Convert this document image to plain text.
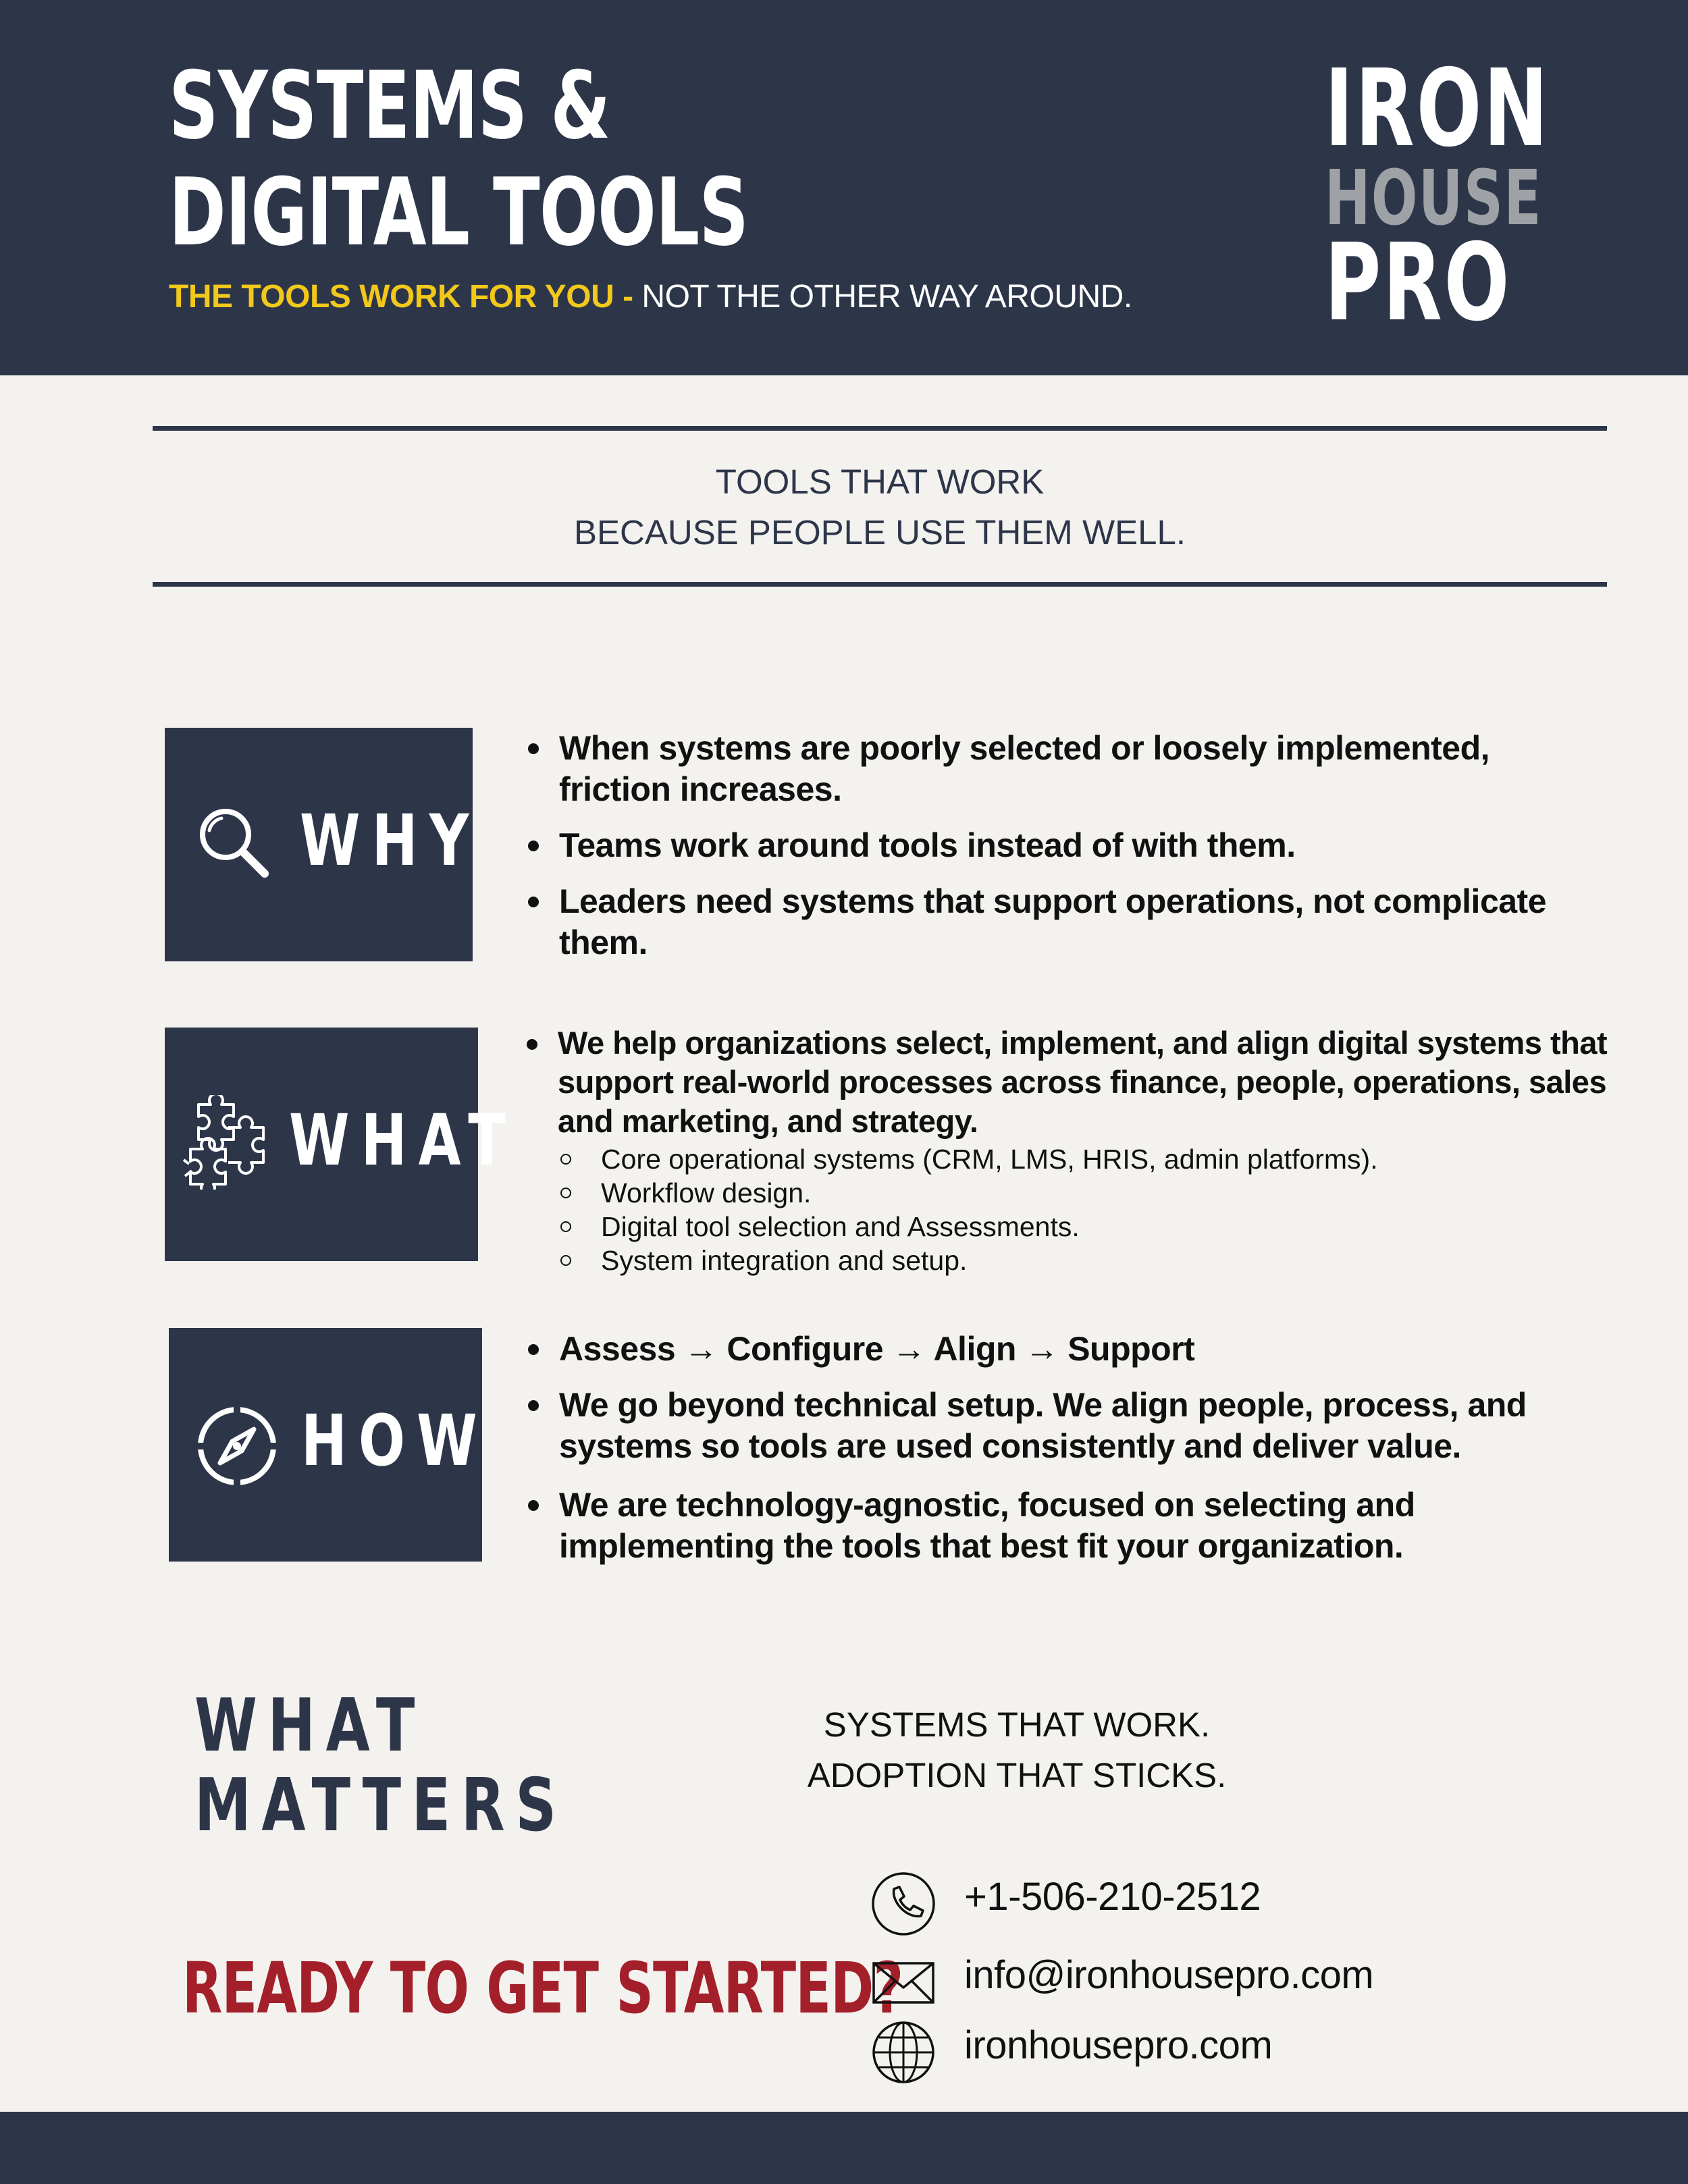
SYSTEMS &
DIGITAL TOOLS
THE TOOLS WORK FOR YOU - NOT THE OTHER WAY AROUND.
IRON
HOUSE
PRO
TOOLS THAT WORK
BECAUSE PEOPLE USE THEM WELL.
WHY
When systems are poorly selected or loosely implemented, friction increases.
Teams work around tools instead of with them.
Leaders need systems that support operations, not complicate them.
WHAT
We help organizations select, implement, and align digital systems that support real-world processes across finance, people, operations, sales and marketing, and strategy.
Core operational systems (CRM, LMS, HRIS, admin platforms).
Workflow design.
Digital tool selection and Assessments.
System integration and setup.
HOW
Assess → Configure → Align → Support
We go beyond technical setup. We align people, process, and systems so tools are used consistently and deliver value.
We are technology-agnostic, focused on selecting and implementing the tools that best fit your organization.
WHAT
MATTERS
SYSTEMS THAT WORK.
ADOPTION THAT STICKS.
READY TO GET STARTED?
+1-506-210-2512
info@ironhousepro.com
ironhousepro.com
